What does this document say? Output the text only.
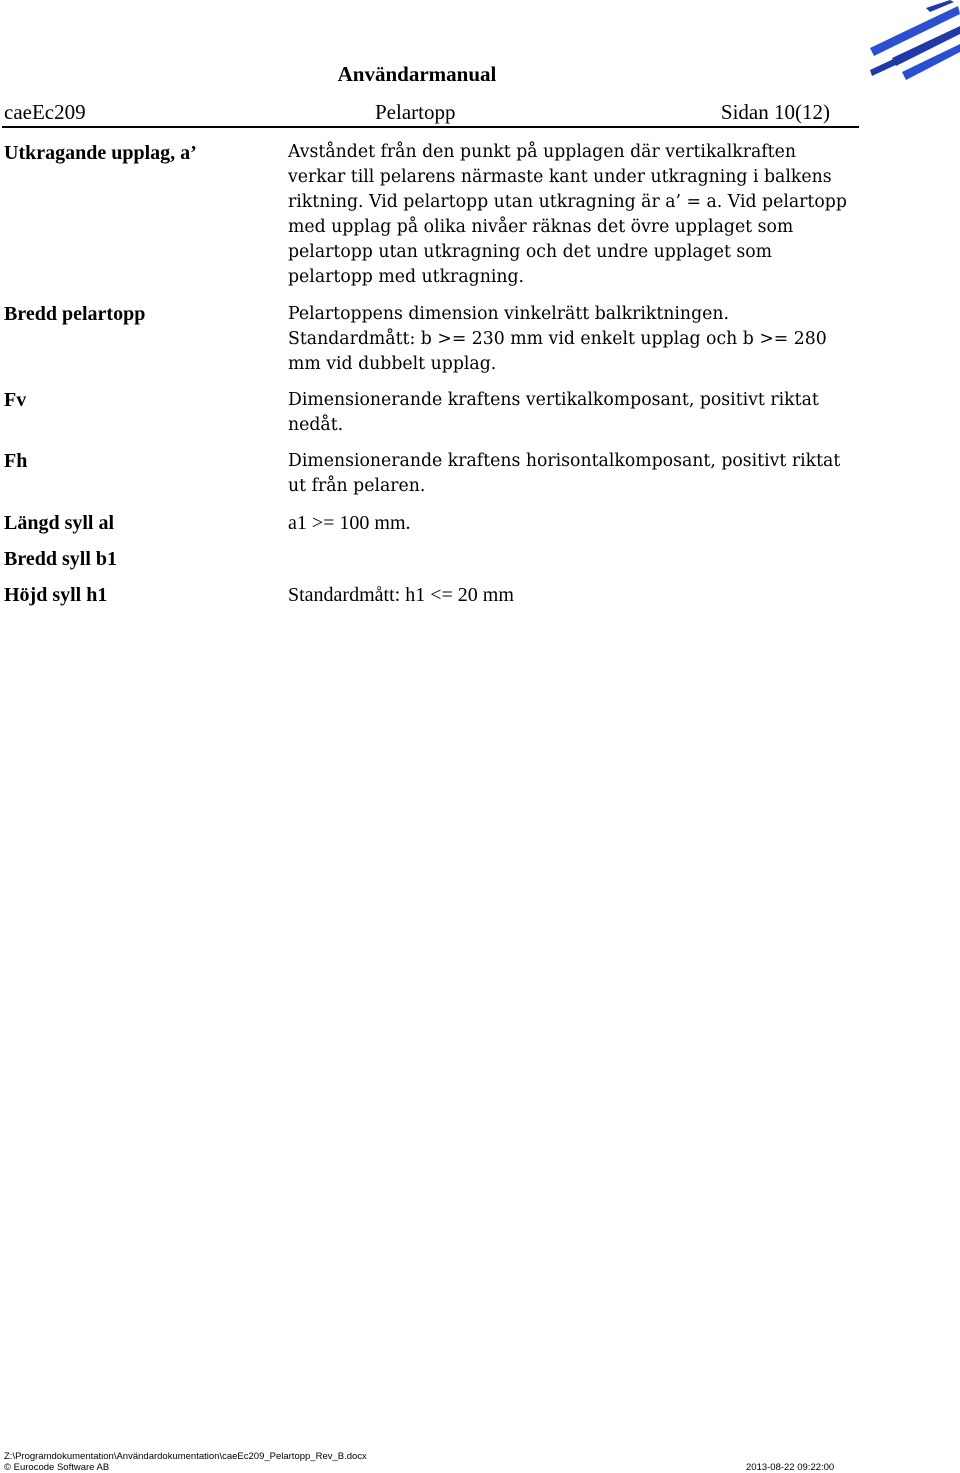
Användarmanual
caeEc209	Pelartopp	Sidan 10(12)
Utkragande upplag, a’	Avståndet från den punkt på upplagen där vertikalkraften verkar till pelarens närmaste kant under utkragning i balkens riktning. Vid pelartopp utan utkragning är a’ = a. Vid pelartopp med upplag på olika nivåer räknas det övre upplaget som pelartopp utan utkragning och det undre upplaget som pelartopp med utkragning.
Bredd pelartopp	Pelartoppens dimension vinkelrätt balkriktningen. Standardmått: b >= 230 mm vid enkelt upplag och b >= 280 mm vid dubbelt upplag.
Fv	Dimensionerande kraftens vertikalkomposant, positivt riktat nedåt.
Fh	Dimensionerande kraftens horisontalkomposant, positivt riktat ut från pelaren.
Längd syll al	a1 >= 100 mm.
Bredd syll b1
Höjd syll h1	Standardmått: h1 <= 20 mm
Z:\Programdokumentation\Användardokumentation\caeEc209_Pelartopp_Rev_B.docx
© Eurocode Software AB	2013-08-22 09:22:00
